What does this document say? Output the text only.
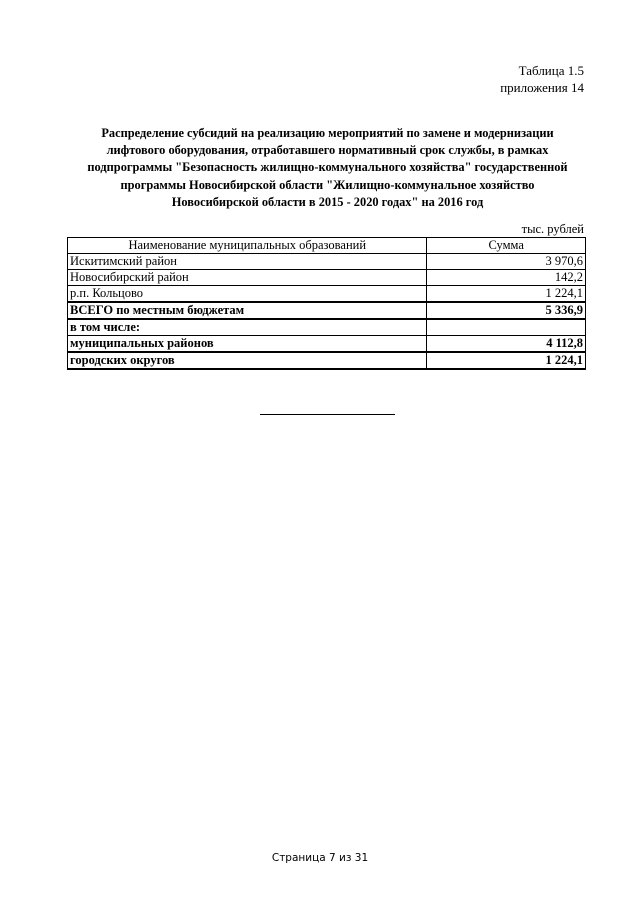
Таблица 1.5
приложения 14
Распределение субсидий на реализацию мероприятий по замене и модернизации
лифтового оборудования, отработавшего нормативный срок службы, в рамках
подпрограммы "Безопасность жилищно-коммунального хозяйства" государственной
программы Новосибирской области "Жилищно-коммунальное хозяйство
Новосибирской области в 2015 - 2020 годах" на 2016 год
тыс. рублей
Наименование муниципальных образований	Сумма
Искитимский район	3 970,6
Новосибирский район	142,2
р.п. Кольцово	1 224,1
ВСЕГО по местным бюджетам	5 336,9
в том числе:	
муниципальных районов	4 112,8
городских округов	1 224,1
Страница 7 из 31
